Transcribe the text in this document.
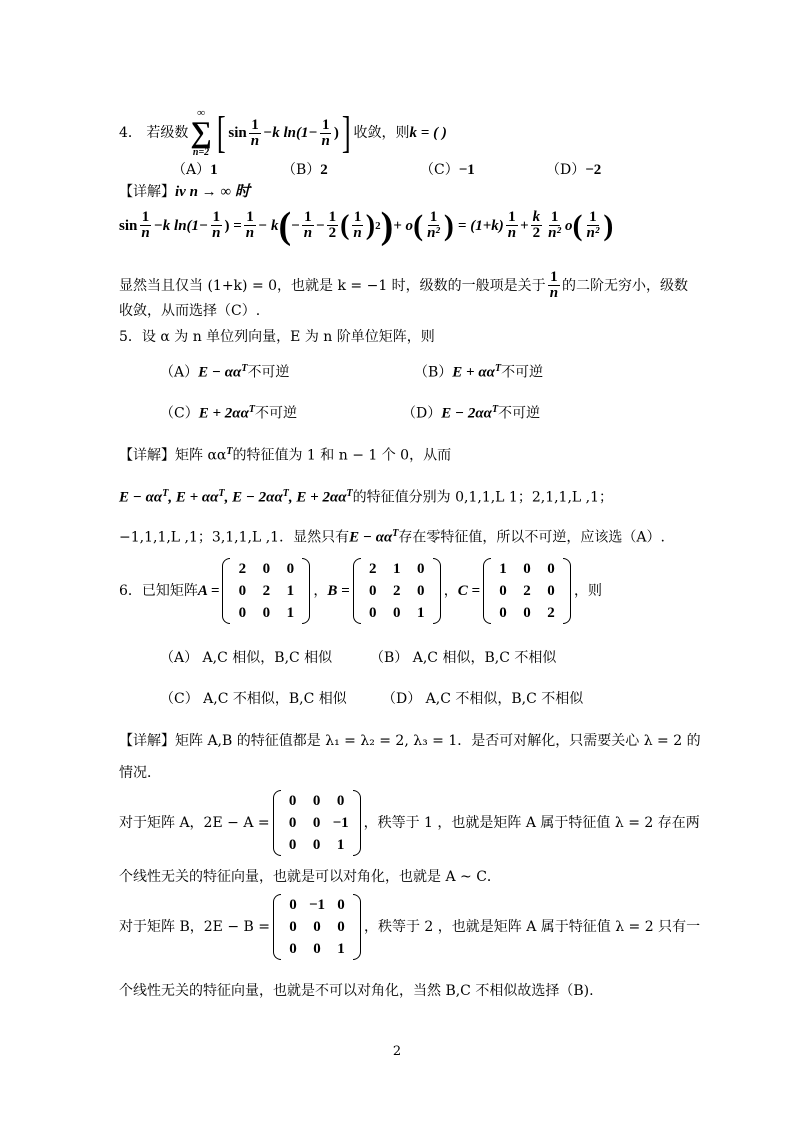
4． 若级数
∞
∑
n=2 [ $\sin \frac{1}{n} -k$ $\ln(1- \frac{1}{n}$ ) ] 收敛，则 k = ( )
（A）1	（B）2	（C）−1	（D）−2
【详解】iv n → ∞ 时
$\sin \frac{1}{n} -k$ $\ln(1- \frac{1}{n}$ ) = $\frac{1}{n} - k$ ( − $\frac{1}{n} - \frac{1}{2}$ ( $\frac{1}{n}$ ) 2 ) + o ( $\frac{1}{\text{n²}}$ ) = $(1+k) \frac{1}{n} + \frac{k}{2} \frac{1}{\text{n²}}$ o ( $\frac{1}{\text{n²}}$ )
显然当且仅当 (1+k) = 0，也就是 k = −1 时，级数的一般项是关于 $\frac{1}{n}$ 的二阶无穷小，级数
收敛，从而选择（C）.
5．设 α 为 n 单位列向量，E 为 n 阶单位矩阵，则
$(A)E - \alpha\alpha^T$不可逆	$(B)E + \alpha\alpha^T$不可逆
$(C)E + 2\alpha\alpha^T$不可逆	$(D)E - 2\alpha\alpha^T$不可逆
【详解】矩阵 $\alpha\alpha^T$的特征值为 1 和 n − 1 个 0，从而
$E - \alpha\alpha^T$, $E + \alpha\alpha^T$, $E - 2\alpha\alpha^T$, $E + 2\alpha\alpha^T$的特征值分别为 0,1,1,L 1；2,1,1,L ,1；
−1,1,1,L ,1；3,1,1,L ,1．显然只有$E - \alpha\alpha^T$存在零特征值，所以不可逆，应该选（A）.
6．已知矩阵 A =
2	0	0
0	2	1
0	0	1
， B =
2	1	0
0	2	0
0	0	1
， C =
1	0	0
0	2	0
0	0	2
，则
（A） A,C 相似，B,C 相似	（B） A,C 相似，B,C 不相似
（C） A,C 不相似，B,C 相似	（D） A,C 不相似，B,C 不相似
【详解】矩阵 A,B 的特征值都是 λ₁ = λ₂ = 2, λ₃ = 1．是否可对解化，只需要关心 λ = 2 的
情况．
对于矩阵 A，2E − A =
0	0	0
0	0 −1
0	0	1
，秩等于 1 ，也就是矩阵 A 属于特征值 λ = 2 存在两
个线性无关的特征向量，也就是可以对角化，也就是 A ~ C．
对于矩阵 B，2E − B =
0 −1 0
0	0	0
0	0	1
，秩等于 2 ，也就是矩阵 A 属于特征值 λ = 2 只有一
个线性无关的特征向量，也就是不可以对角化，当然 B,C 不相似故选择（B).
2
